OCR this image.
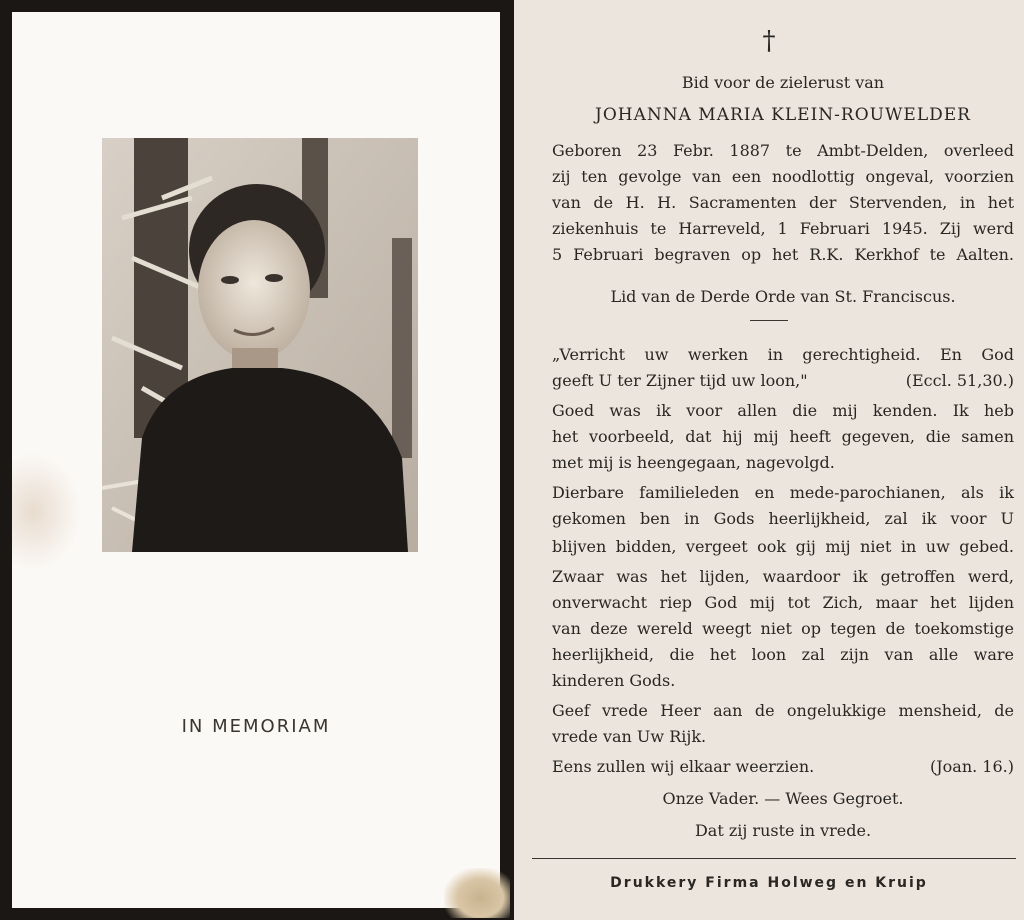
IN MEMORIAM
†
Bid voor de zielerust van
JOHANNA MARIA KLEIN-ROUWELDER
Geboren 23 Febr. 1887 te Ambt-Delden, overleed
zij ten gevolge van een noodlottig ongeval, voorzien
van de H. H. Sacramenten der Stervenden, in het
ziekenhuis te Harreveld, 1 Februari 1945. Zij werd
5 Februari begraven op het R.K. Kerkhof te Aalten.
Lid van de Derde Orde van St. Franciscus.
„Verricht uw werken in gerechtigheid. En God
geeft U ter Zijner tijd uw loon,"	(Eccl. 51,30.)
Goed was ik voor allen die mij kenden. Ik heb
het voorbeeld, dat hij mij heeft gegeven, die samen
met mij is heengegaan, nagevolgd.
Dierbare familieleden en mede-parochianen, als ik
gekomen ben in Gods heerlijkheid, zal ik voor U
blijven bidden, vergeet ook gij mij niet in uw gebed.
Zwaar was het lijden, waardoor ik getroffen werd,
onverwacht riep God mij tot Zich, maar het lijden
van deze wereld weegt niet op tegen de toekomstige
heerlijkheid, die het loon zal zijn van alle ware
kinderen Gods.
Geef vrede Heer aan de ongelukkige mensheid, de
vrede van Uw Rijk.
Eens zullen wij elkaar weerzien.	(Joan. 16.)
Onze Vader. — Wees Gegroet.
Dat zij ruste in vrede.
Drukkery Firma Holweg en Kruip
